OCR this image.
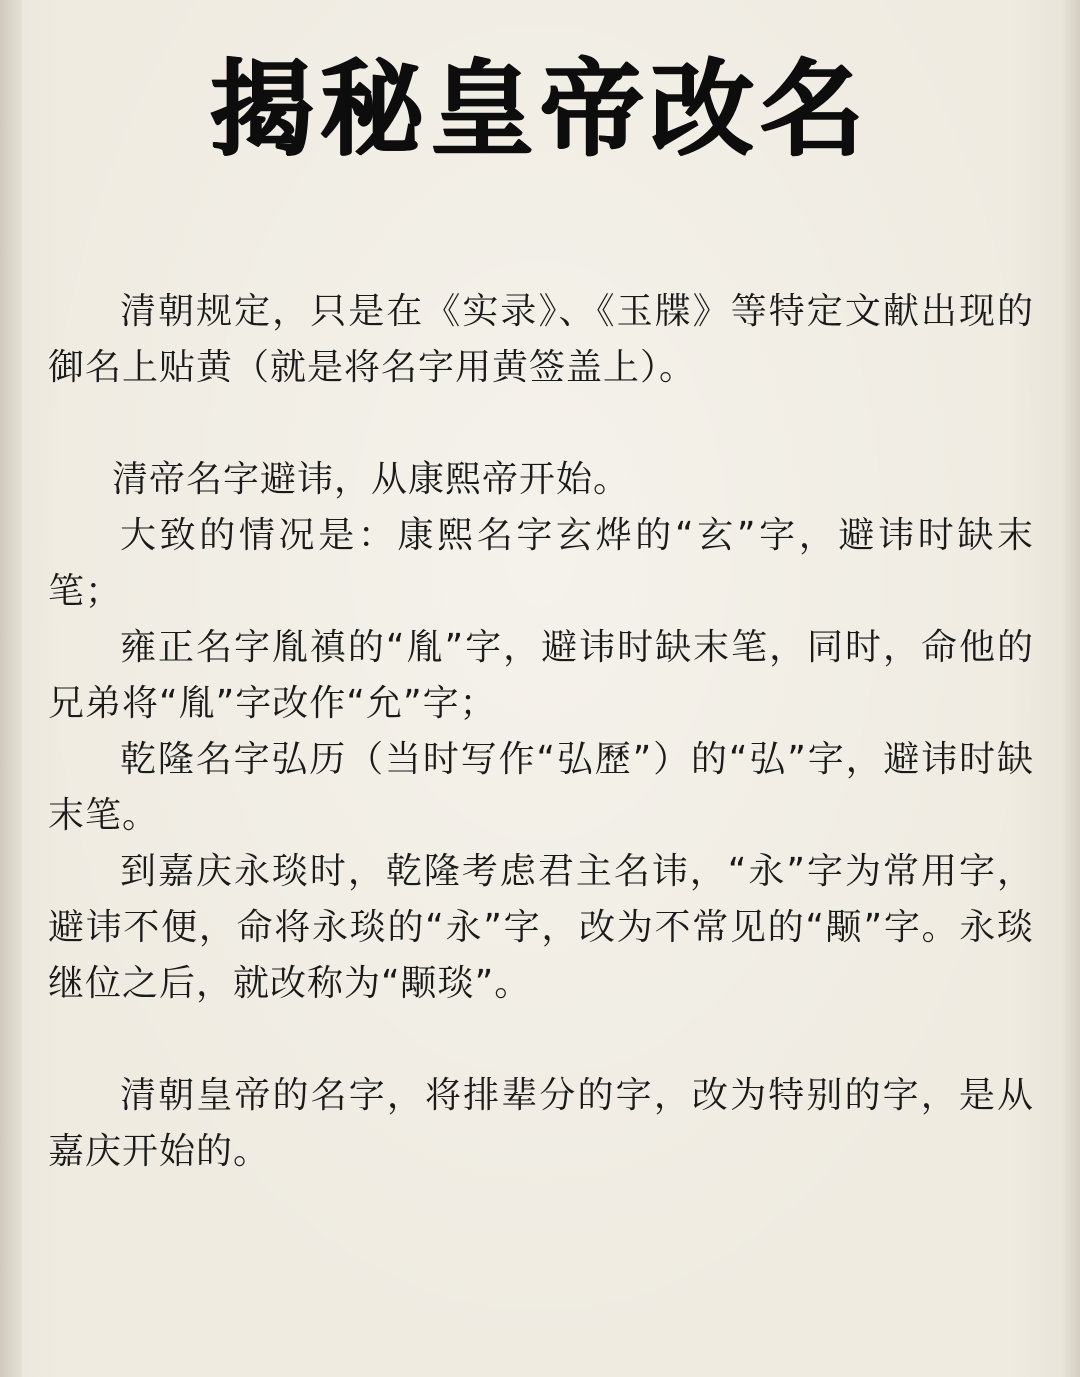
揭秘皇帝改名

清朝规定，只是在《实录》、《玉牒》等特定文献出现的御名上贴黄（就是将名字用黄签盖上）。

清帝名字避讳，从康熙帝开始。

大致的情况是：康熙名字玄烨的“玄”字，避讳时缺末笔；

雍正名字胤禛的“胤”字，避讳时缺末笔，同时，命他的兄弟将“胤”字改作“允”字；

乾隆名字弘历（当时写作“弘歷”）的“弘”字，避讳时缺末笔。

到嘉庆永琰时，乾隆考虑君主名讳，“永”字为常用字，避讳不便，命将永琰的“永”字，改为不常见的“颙”字。永琰继位之后，就改称为“颙琰”。

清朝皇帝的名字，将排辈分的字，改为特别的字，是从嘉庆开始的。
